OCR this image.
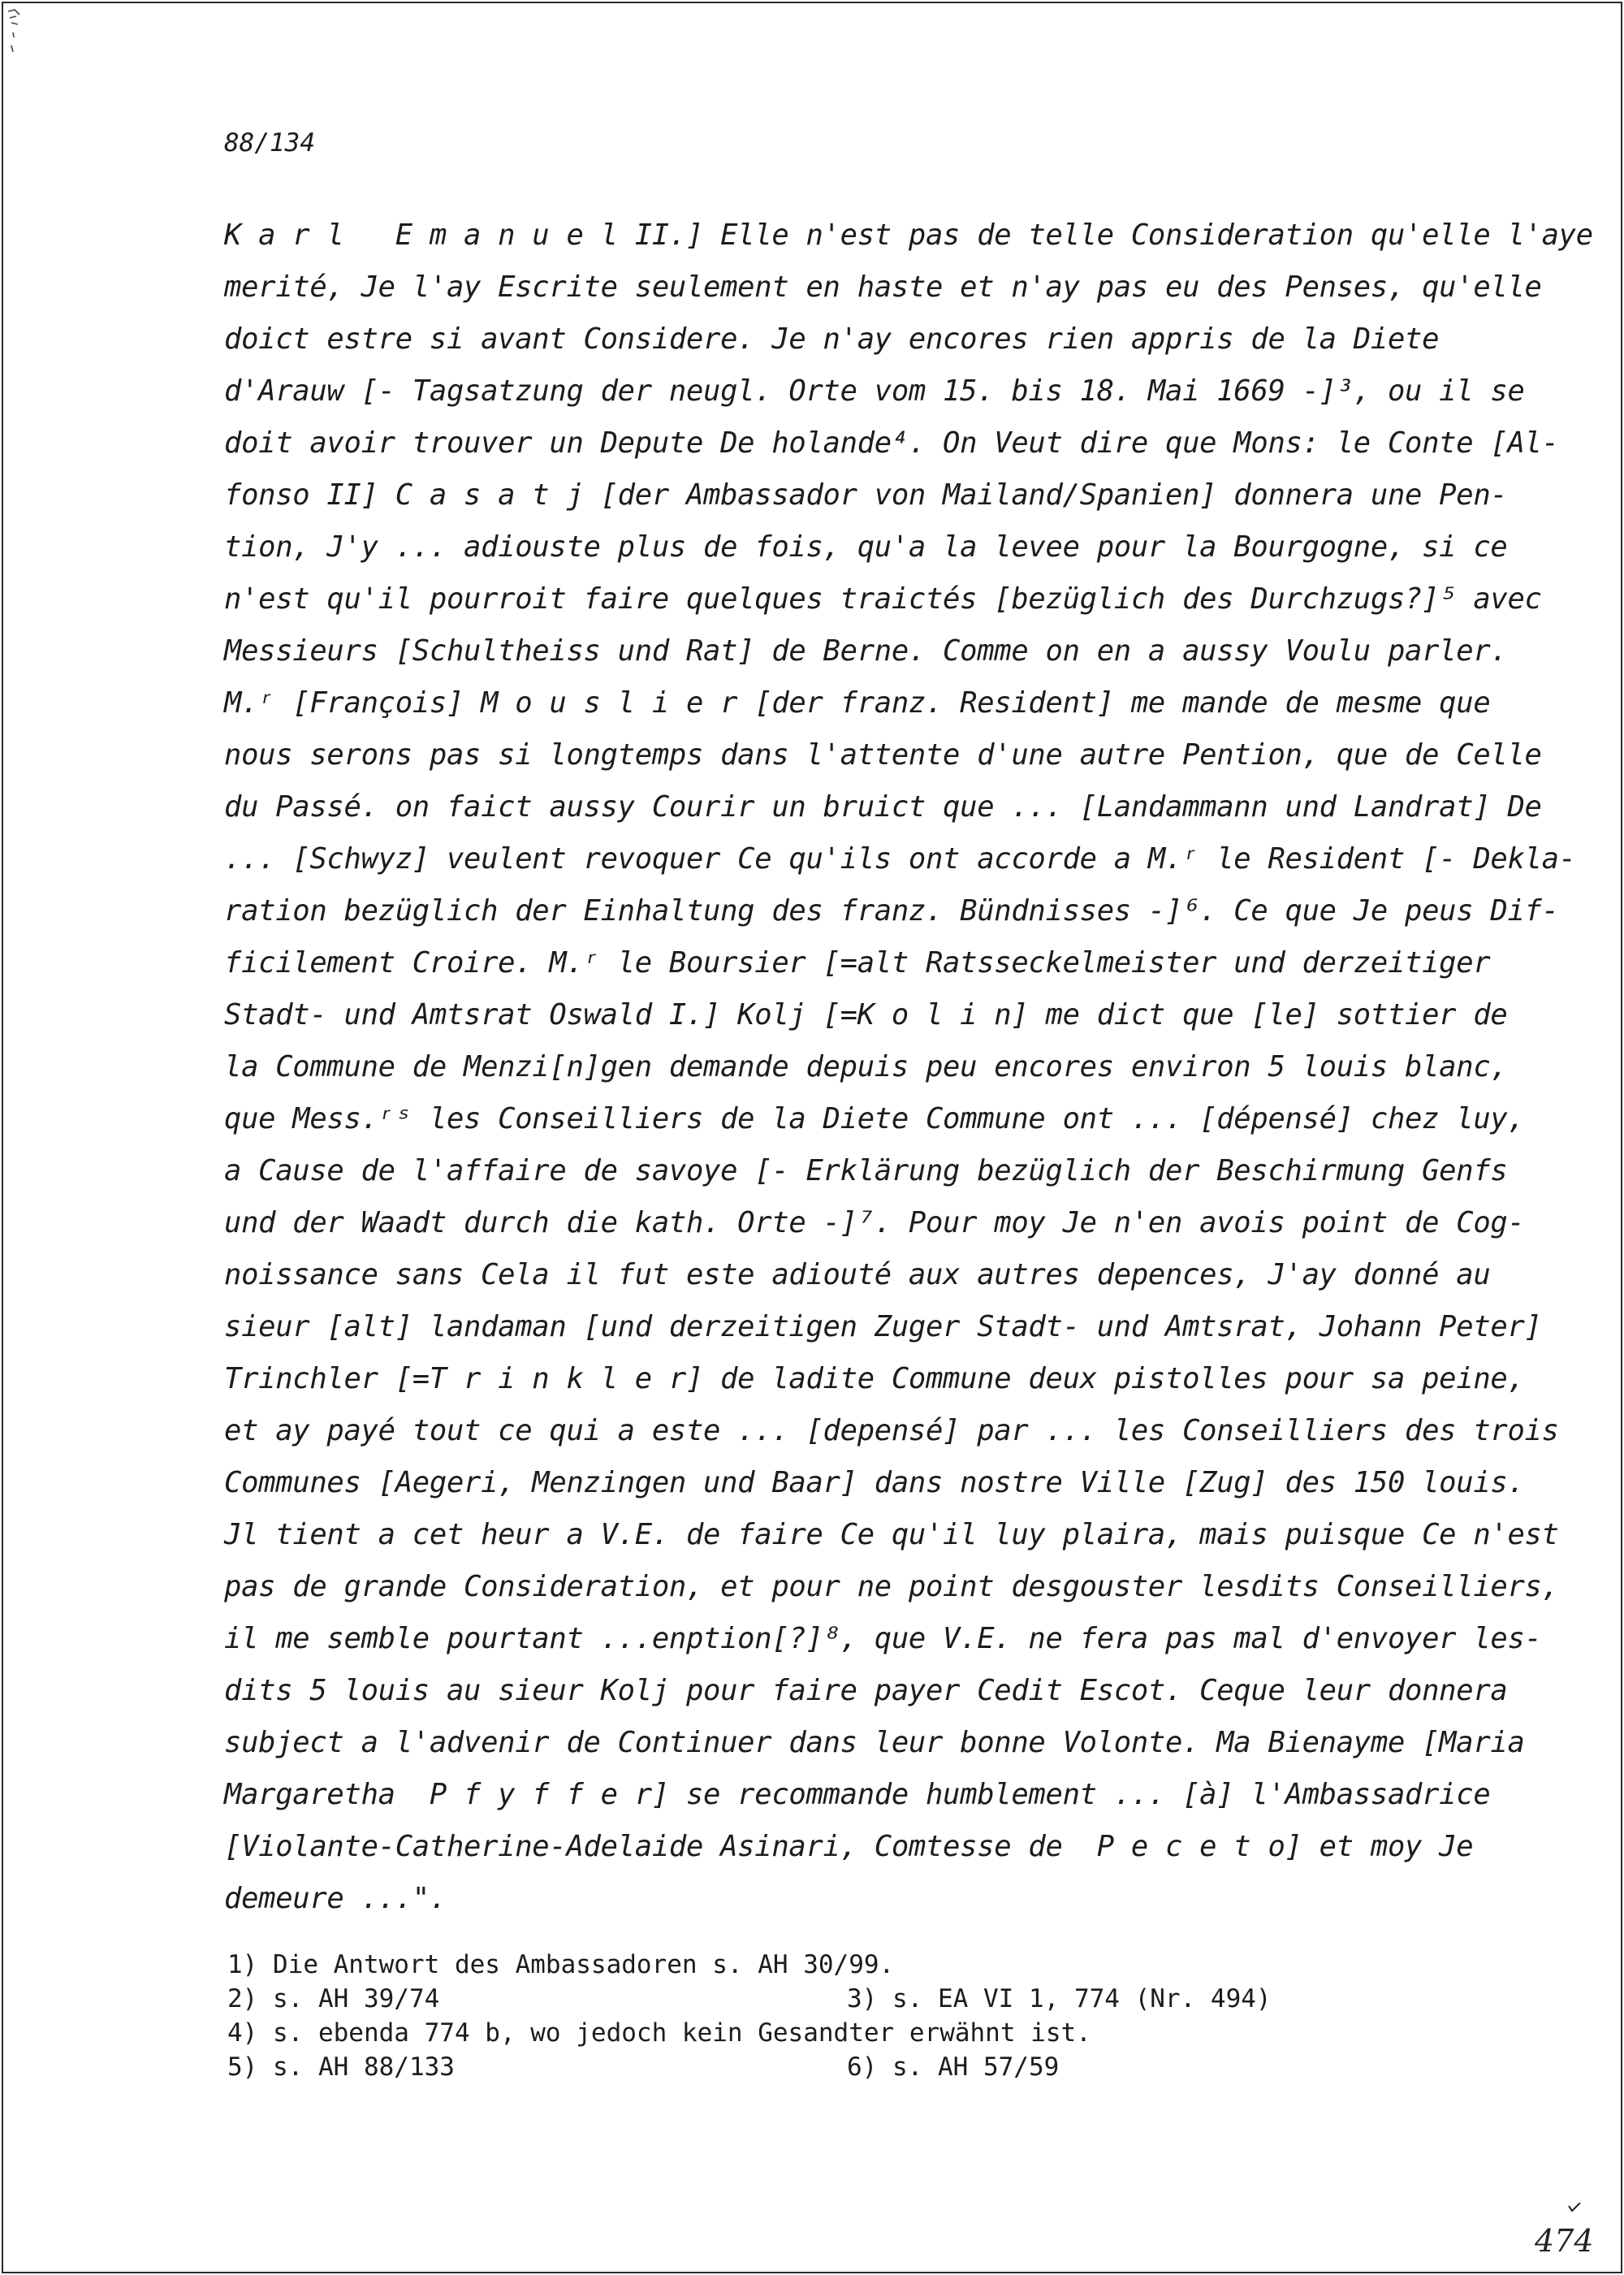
88/134
K a r l   E m a n u e l II.] Elle n'est pas de telle Consideration qu'elle l'aye
merité, Je l'ay Escrite seulement en haste et n'ay pas eu des Penses, qu'elle
doict estre si avant Considere. Je n'ay encores rien appris de la Diete
d'Arauw [- Tagsatzung der neugl. Orte vom 15. bis 18. Mai 1669 -]³, ou il se
doit avoir trouver un Depute De holande⁴. On Veut dire que Mons: le Conte [Al-
fonso II] C a s a t j [der Ambassador von Mailand/Spanien] donnera une Pen-
tion, J'y ... adiouste plus de fois, qu'a la levee pour la Bourgogne, si ce
n'est qu'il pourroit faire quelques traictés [bezüglich des Durchzugs?]⁵ avec
Messieurs [Schultheiss und Rat] de Berne. Comme on en a aussy Voulu parler.
M.ʳ [François] M o u s l i e r [der franz. Resident] me mande de mesme que
nous serons pas si longtemps dans l'attente d'une autre Pention, que de Celle
du Passé. on faict aussy Courir un bruict que ... [Landammann und Landrat] De
... [Schwyz] veulent revoquer Ce qu'ils ont accorde a M.ʳ le Resident [- Dekla-
ration bezüglich der Einhaltung des franz. Bündnisses -]⁶. Ce que Je peus Dif-
ficilement Croire. M.ʳ le Boursier [=alt Ratsseckelmeister und derzeitiger
Stadt- und Amtsrat Oswald I.] Kolj [=K o l i n] me dict que [le] sottier de
la Commune de Menzi[n]gen demande depuis peu encores environ 5 louis blanc,
que Mess.ʳˢ les Conseilliers de la Diete Commune ont ... [dépensé] chez luy,
a Cause de l'affaire de savoye [- Erklärung bezüglich der Beschirmung Genfs
und der Waadt durch die kath. Orte -]⁷. Pour moy Je n'en avois point de Cog-
noissance sans Cela il fut este adiouté aux autres depences, J'ay donné au
sieur [alt] landaman [und derzeitigen Zuger Stadt- und Amtsrat, Johann Peter]
Trinchler [=T r i n k l e r] de ladite Commune deux pistolles pour sa peine,
et ay payé tout ce qui a este ... [depensé] par ... les Conseilliers des trois
Communes [Aegeri, Menzingen und Baar] dans nostre Ville [Zug] des 150 louis.
Jl tient a cet heur a V.E. de faire Ce qu'il luy plaira, mais puisque Ce n'est
pas de grande Consideration, et pour ne point desgouster lesdits Conseilliers,
il me semble pourtant ...enption[?]⁸, que V.E. ne fera pas mal d'envoyer les-
dits 5 louis au sieur Kolj pour faire payer Cedit Escot. Ceque leur donnera
subject a l'advenir de Continuer dans leur bonne Volonte. Ma Bienayme [Maria
Margaretha  P f y f f e r] se recommande humblement ... [à] l'Ambassadrice
[Violante-Catherine-Adelaide Asinari, Comtesse de  P e c e t o] et moy Je
demeure ...".
1) Die Antwort des Ambassadoren s. AH 30/99.
2) s. AH 39/74	3) s. EA VI 1, 774 (Nr. 494)
4) s. ebenda 774 b, wo jedoch kein Gesandter erwähnt ist.
5) s. AH 88/133	6) s. AH 57/59
474
